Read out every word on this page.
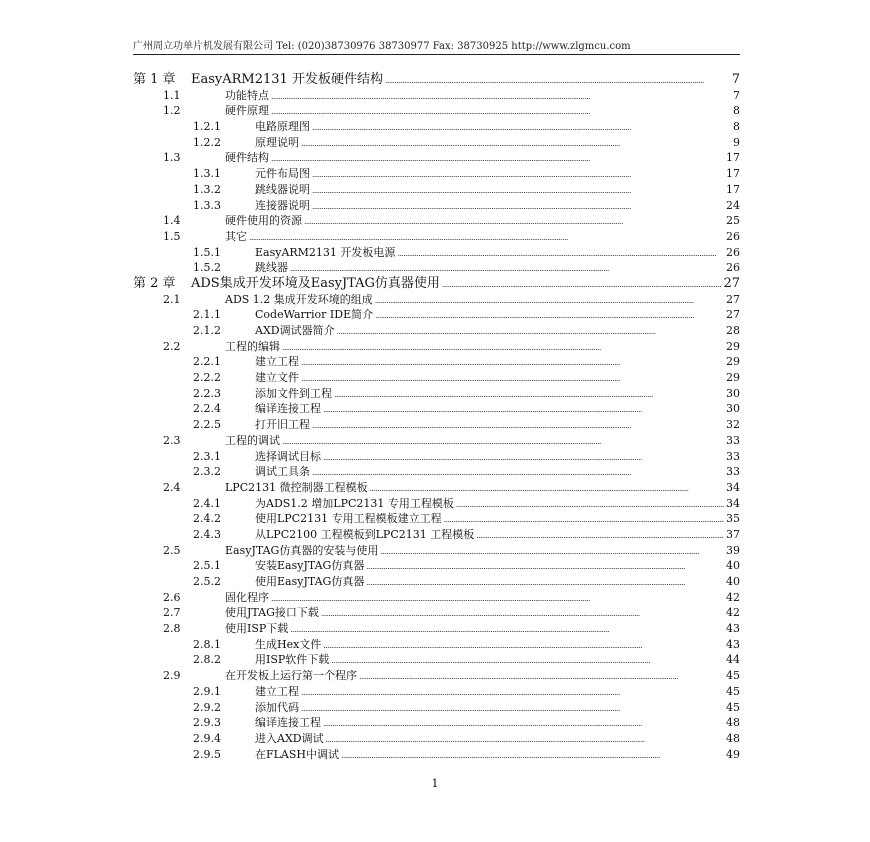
广州周立功单片机发展有限公司 Tel: (020)38730976 38730977 Fax: 38730925 http://www.zlgmcu.com
第 1 章	EasyARM2131 开发板硬件结构 . . .	7
1.1	功能特点 . . .	7
1.2	硬件原理 . . .	8
1.2.1	电路原理图 . . .	8
1.2.2	原理说明 . . .	9
1.3	硬件结构 . . .	17
1.3.1	元件布局图 . . .	17
1.3.2	跳线器说明 . . .	17
1.3.3	连接器说明 . . .	24
1.4	硬件使用的资源 . . .	25
1.5	其它 . . .	26
1.5.1	EasyARM2131 开发板电源 . . .	26
1.5.2	跳线器 . . .	26
第 2 章	ADS集成开发环境及EasyJTAG仿真器使用 . . .	27
2.1	ADS 1.2 集成开发环境的组成 . . .	27
2.1.1	CodeWarrior IDE简介 . . .	27
2.1.2	AXD调试器简介 . . .	28
2.2	工程的编辑 . . .	29
2.2.1	建立工程 . . .	29
2.2.2	建立文件 . . .	29
2.2.3	添加文件到工程 . . .	30
2.2.4	编译连接工程 . . .	30
2.2.5	打开旧工程 . . .	32
2.3	工程的调试 . . .	33
2.3.1	选择调试目标 . . .	33
2.3.2	调试工具条 . . .	33
2.4	LPC2131 微控制器工程模板 . . .	34
2.4.1	为ADS1.2 增加LPC2131 专用工程模板 . . .	34
2.4.2	使用LPC2131 专用工程模板建立工程 . . .	35
2.4.3	从LPC2100 工程模板到LPC2131 工程模板 . . .	37
2.5	EasyJTAG仿真器的安装与使用 . . .	39
2.5.1	安装EasyJTAG仿真器 . . .	40
2.5.2	使用EasyJTAG仿真器 . . .	40
2.6	固化程序 . . .	42
2.7	使用JTAG接口下载 . . .	42
2.8	使用ISP下载 . . .	43
2.8.1	生成Hex文件 . . .	43
2.8.2	用ISP软件下载 . . .	44
2.9	在开发板上运行第一个程序 . . .	45
2.9.1	建立工程 . . .	45
2.9.2	添加代码 . . .	45
2.9.3	编译连接工程 . . .	48
2.9.4	进入AXD调试 . . .	48
2.9.5	在FLASH中调试 . . .	49
1
